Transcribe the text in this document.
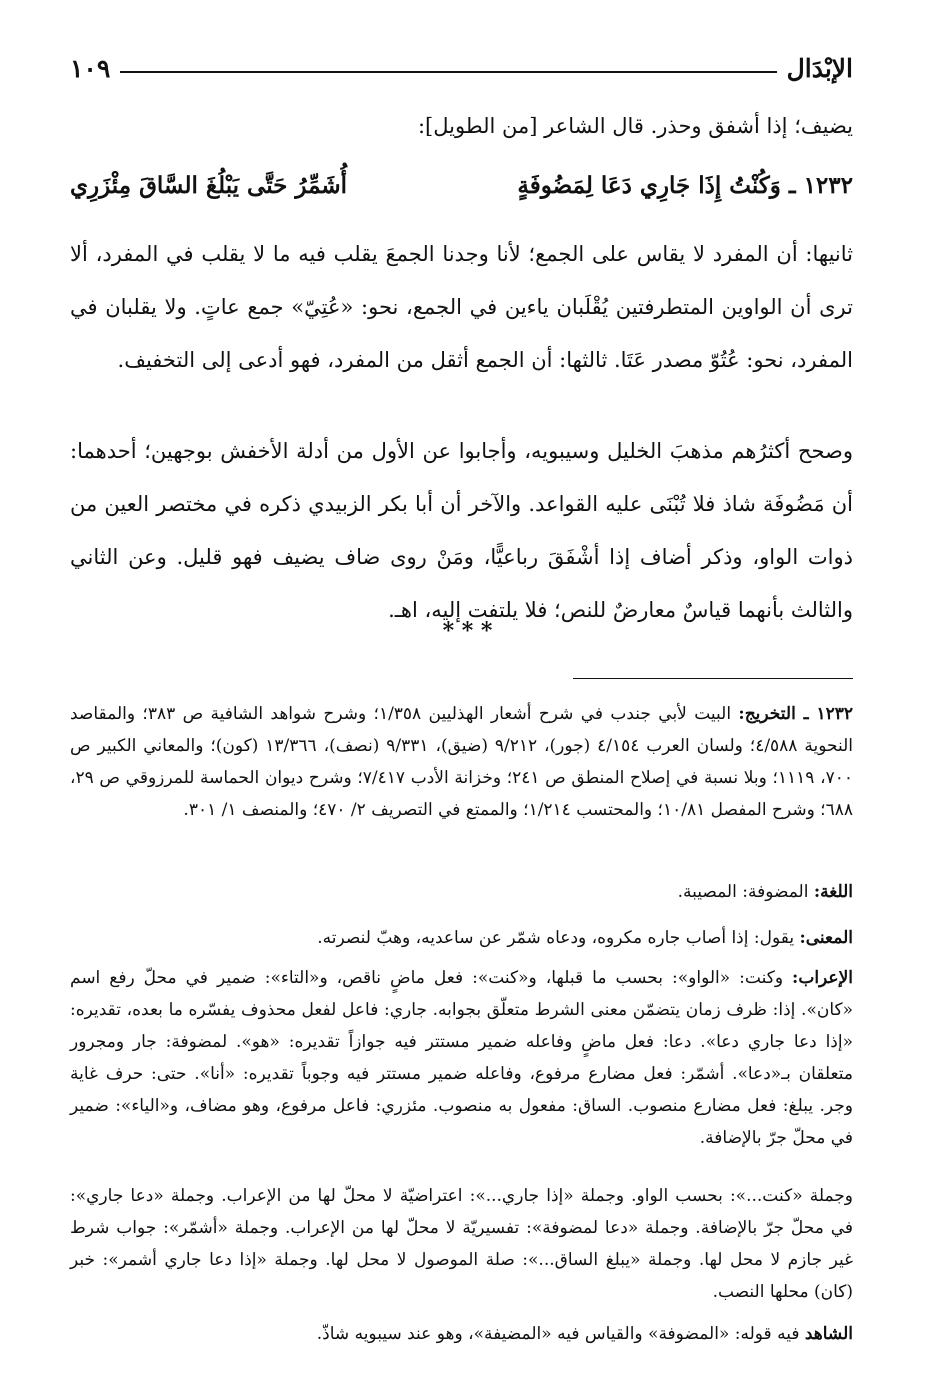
الإبْدَال
١٠٩

يضيف؛ إذا أشفق وحذر. قال الشاعر [من الطويل]:

١٢٣٢ ـ وَكُنْتُ إِذَا جَارِي دَعَا لِمَضُوفَةٍ
أُشَمِّرُ حَتَّى يَبْلُغَ السَّاقَ مِئْزَرِي

ثانيها: أن المفرد لا يقاس على الجمع؛ لأنا وجدنا الجمعَ يقلب فيه ما لا يقلب في المفرد، ألا ترى أن الواوين المتطرفتين يُقْلَبان ياءين في الجمع، نحو: «عُتِيّ» جمع عاتٍ. ولا يقلبان في المفرد، نحو: عُتُوّ مصدر عَتَا. ثالثها: أن الجمع أثقل من المفرد، فهو أدعى إلى التخفيف.

وصحح أكثرُهم مذهبَ الخليل وسيبويه، وأجابوا عن الأول من أدلة الأخفش بوجهين؛ أحدهما: أن مَضُوفَة شاذ فلا تُبْنَى عليه القواعد. والآخر أن أبا بكر الزبيدي ذكره في مختصر العين من ذوات الواو، وذكر أضاف إذا أشْفَقَ رباعيًّا، ومَنْ روى ضاف يضيف فهو قليل. وعن الثاني والثالث بأنهما قياسٌ معارضٌ للنص؛ فلا يلتفت إليه، اهـ.

* * *

١٢٣٢ ـ التخريج: البيت لأبي جندب في شرح أشعار الهذليين ١/٣٥٨؛ وشرح شواهد الشافية ص ٣٨٣؛ والمقاصد النحوية ٤/٥٨٨؛ ولسان العرب ٤/١٥٤ (جور)، ٩/٢١٢ (ضيق)، ٩/٣٣١ (نصف)، ١٣/٣٦٦ (كون)؛ والمعاني الكبير ص ٧٠٠، ١١١٩؛ وبلا نسبة في إصلاح المنطق ص ٢٤١؛ وخزانة الأدب ٧/٤١٧؛ وشرح ديوان الحماسة للمرزوقي ص ٢٩، ٦٨٨؛ وشرح المفصل ١٠/٨١؛ والمحتسب ١/٢١٤؛ والممتع في التصريف ٢/ ٤٧٠؛ والمنصف ١/ ٣٠١.

اللغة: المضوفة: المصيبة.

المعنى: يقول: إذا أصاب جاره مكروه، ودعاه شمّر عن ساعديه، وهبّ لنصرته.

الإعراب: وكنت: «الواو»: بحسب ما قبلها، و«كنت»: فعل ماضٍ ناقص، و«التاء»: ضمير في محلّ رفع اسم «كان». إذا: ظرف زمان يتضمّن معنى الشرط متعلّق بجوابه. جاري: فاعل لفعل محذوف يفسّره ما بعده، تقديره: «إذا دعا جاري دعا». دعا: فعل ماضٍ وفاعله ضمير مستتر فيه جوازاً تقديره: «هو». لمضوفة: جار ومجرور متعلقان بـ«دعا». أشمّر: فعل مضارع مرفوع، وفاعله ضمير مستتر فيه وجوباً تقديره: «أنا». حتى: حرف غاية وجر. يبلغ: فعل مضارع منصوب. الساق: مفعول به منصوب. مئزري: فاعل مرفوع، وهو مضاف، و«الياء»: ضمير في محلّ جرّ بالإضافة.

وجملة «كنت...»: بحسب الواو. وجملة «إذا جاري...»: اعتراضيّة لا محلّ لها من الإعراب. وجملة «دعا جاري»: في محلّ جرّ بالإضافة. وجملة «دعا لمضوفة»: تفسيريّة لا محلّ لها من الإعراب. وجملة «أشمّر»: جواب شرط غير جازم لا محل لها. وجملة «يبلغ الساق...»: صلة الموصول لا محل لها. وجملة «إذا دعا جاري أشمر»: خبر (كان) محلها النصب.

الشاهد فيه قوله: «المضوفة» والقياس فيه «المضيفة»، وهو عند سيبويه شاذّ.
